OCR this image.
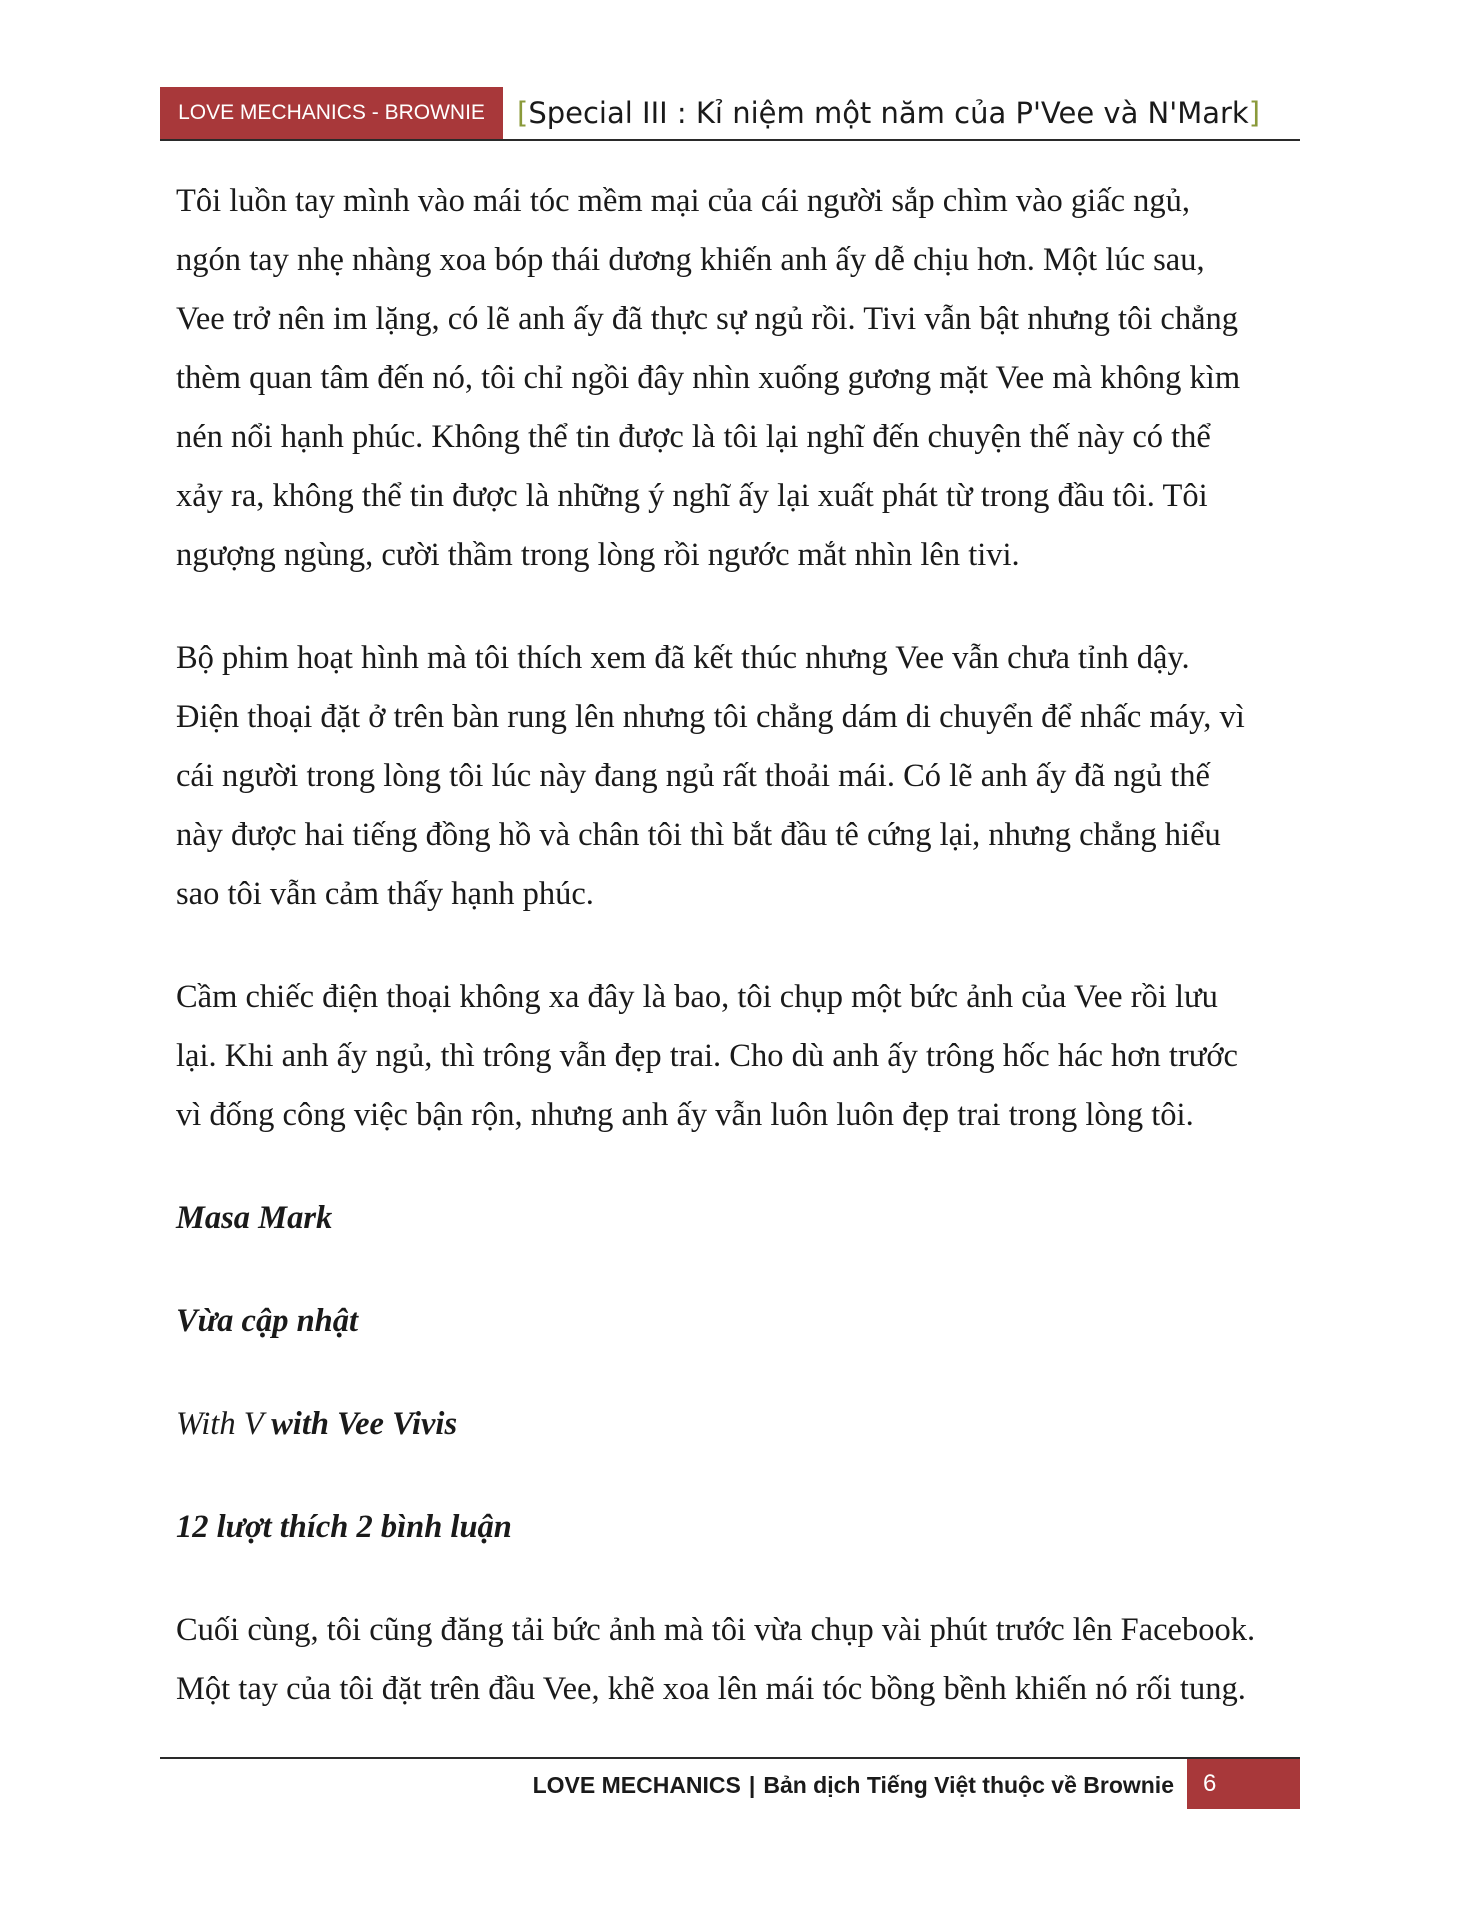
LOVE MECHANICS - BROWNIE	[Special III : Kỉ niệm một năm của P'Vee và N'Mark]

Tôi luồn tay mình vào mái tóc mềm mại của cái người sắp chìm vào giấc ngủ,
ngón tay nhẹ nhàng xoa bóp thái dương khiến anh ấy dễ chịu hơn. Một lúc sau,
Vee trở nên im lặng, có lẽ anh ấy đã thực sự ngủ rồi. Tivi vẫn bật nhưng tôi chẳng
thèm quan tâm đến nó, tôi chỉ ngồi đây nhìn xuống gương mặt Vee mà không kìm
nén nổi hạnh phúc. Không thể tin được là tôi lại nghĩ đến chuyện thế này có thể
xảy ra, không thể tin được là những ý nghĩ ấy lại xuất phát từ trong đầu tôi. Tôi
ngượng ngùng, cười thầm trong lòng rồi ngước mắt nhìn lên tivi.

Bộ phim hoạt hình mà tôi thích xem đã kết thúc nhưng Vee vẫn chưa tỉnh dậy.
Điện thoại đặt ở trên bàn rung lên nhưng tôi chẳng dám di chuyển để nhấc máy, vì
cái người trong lòng tôi lúc này đang ngủ rất thoải mái. Có lẽ anh ấy đã ngủ thế
này được hai tiếng đồng hồ và chân tôi thì bắt đầu tê cứng lại, nhưng chẳng hiểu
sao tôi vẫn cảm thấy hạnh phúc.

Cầm chiếc điện thoại không xa đây là bao, tôi chụp một bức ảnh của Vee rồi lưu
lại. Khi anh ấy ngủ, thì trông vẫn đẹp trai. Cho dù anh ấy trông hốc hác hơn trước
vì đống công việc bận rộn, nhưng anh ấy vẫn luôn luôn đẹp trai trong lòng tôi.

Masa Mark

Vừa cập nhật

With V with Vee Vivis

12 lượt thích 2 bình luận

Cuối cùng, tôi cũng đăng tải bức ảnh mà tôi vừa chụp vài phút trước lên Facebook.
Một tay của tôi đặt trên đầu Vee, khẽ xoa lên mái tóc bồng bềnh khiến nó rối tung.

LOVE MECHANICS | Bản dịch Tiếng Việt thuộc về Brownie	6
